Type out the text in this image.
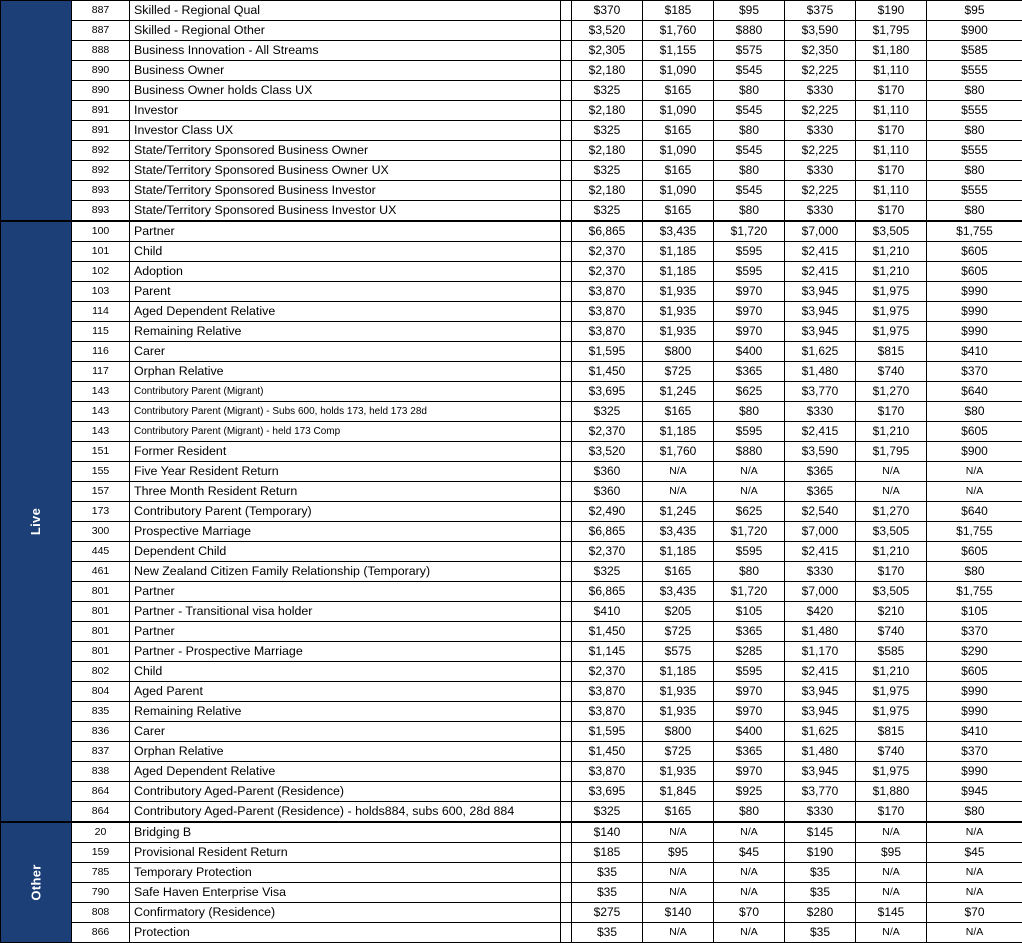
	887	Skilled - Regional Qual		$370	$185	$95	$375	$190	$95
	887	Skilled - Regional Other		$3,520	$1,760	$880	$3,590	$1,795	$900
	888	Business Innovation - All Streams		$2,305	$1,155	$575	$2,350	$1,180	$585
	890	Business Owner		$2,180	$1,090	$545	$2,225	$1,110	$555
	890	Business Owner holds Class UX		$325	$165	$80	$330	$170	$80
	891	Investor		$2,180	$1,090	$545	$2,225	$1,110	$555
	891	Investor Class UX		$325	$165	$80	$330	$170	$80
	892	State/Territory Sponsored Business Owner		$2,180	$1,090	$545	$2,225	$1,110	$555
	892	State/Territory Sponsored Business Owner UX		$325	$165	$80	$330	$170	$80
	893	State/Territory Sponsored Business Investor		$2,180	$1,090	$545	$2,225	$1,110	$555
	893	State/Territory Sponsored Business Investor UX		$325	$165	$80	$330	$170	$80
Live	100	Partner		$6,865	$3,435	$1,720	$7,000	$3,505	$1,755
	101	Child		$2,370	$1,185	$595	$2,415	$1,210	$605
	102	Adoption		$2,370	$1,185	$595	$2,415	$1,210	$605
	103	Parent		$3,870	$1,935	$970	$3,945	$1,975	$990
	114	Aged Dependent Relative		$3,870	$1,935	$970	$3,945	$1,975	$990
	115	Remaining Relative		$3,870	$1,935	$970	$3,945	$1,975	$990
	116	Carer		$1,595	$800	$400	$1,625	$815	$410
	117	Orphan Relative		$1,450	$725	$365	$1,480	$740	$370
	143	Contributory Parent (Migrant)		$3,695	$1,245	$625	$3,770	$1,270	$640
	143	Contributory Parent (Migrant) - Subs 600, holds 173, held 173 28d		$325	$165	$80	$330	$170	$80
	143	Contributory Parent (Migrant) - held 173 Comp		$2,370	$1,185	$595	$2,415	$1,210	$605
	151	Former Resident		$3,520	$1,760	$880	$3,590	$1,795	$900
	155	Five Year Resident Return		$360	N/A	N/A	$365	N/A	N/A
	157	Three Month Resident Return		$360	N/A	N/A	$365	N/A	N/A
	173	Contributory Parent (Temporary)		$2,490	$1,245	$625	$2,540	$1,270	$640
	300	Prospective Marriage		$6,865	$3,435	$1,720	$7,000	$3,505	$1,755
	445	Dependent Child		$2,370	$1,185	$595	$2,415	$1,210	$605
	461	New Zealand Citizen Family Relationship (Temporary)		$325	$165	$80	$330	$170	$80
	801	Partner		$6,865	$3,435	$1,720	$7,000	$3,505	$1,755
	801	Partner - Transitional visa holder		$410	$205	$105	$420	$210	$105
	801	Partner		$1,450	$725	$365	$1,480	$740	$370
	801	Partner - Prospective Marriage		$1,145	$575	$285	$1,170	$585	$290
	802	Child		$2,370	$1,185	$595	$2,415	$1,210	$605
	804	Aged Parent		$3,870	$1,935	$970	$3,945	$1,975	$990
	835	Remaining Relative		$3,870	$1,935	$970	$3,945	$1,975	$990
	836	Carer		$1,595	$800	$400	$1,625	$815	$410
	837	Orphan Relative		$1,450	$725	$365	$1,480	$740	$370
	838	Aged Dependent Relative		$3,870	$1,935	$970	$3,945	$1,975	$990
	864	Contributory Aged-Parent (Residence)		$3,695	$1,845	$925	$3,770	$1,880	$945
	864	Contributory Aged-Parent (Residence) - holds884, subs 600, 28d 884		$325	$165	$80	$330	$170	$80
Other	20	Bridging B		$140	N/A	N/A	$145	N/A	N/A
	159	Provisional Resident Return		$185	$95	$45	$190	$95	$45
	785	Temporary Protection		$35	N/A	N/A	$35	N/A	N/A
	790	Safe Haven Enterprise Visa		$35	N/A	N/A	$35	N/A	N/A
	808	Confirmatory (Residence)		$275	$140	$70	$280	$145	$70
	866	Protection		$35	N/A	N/A	$35	N/A	N/A
